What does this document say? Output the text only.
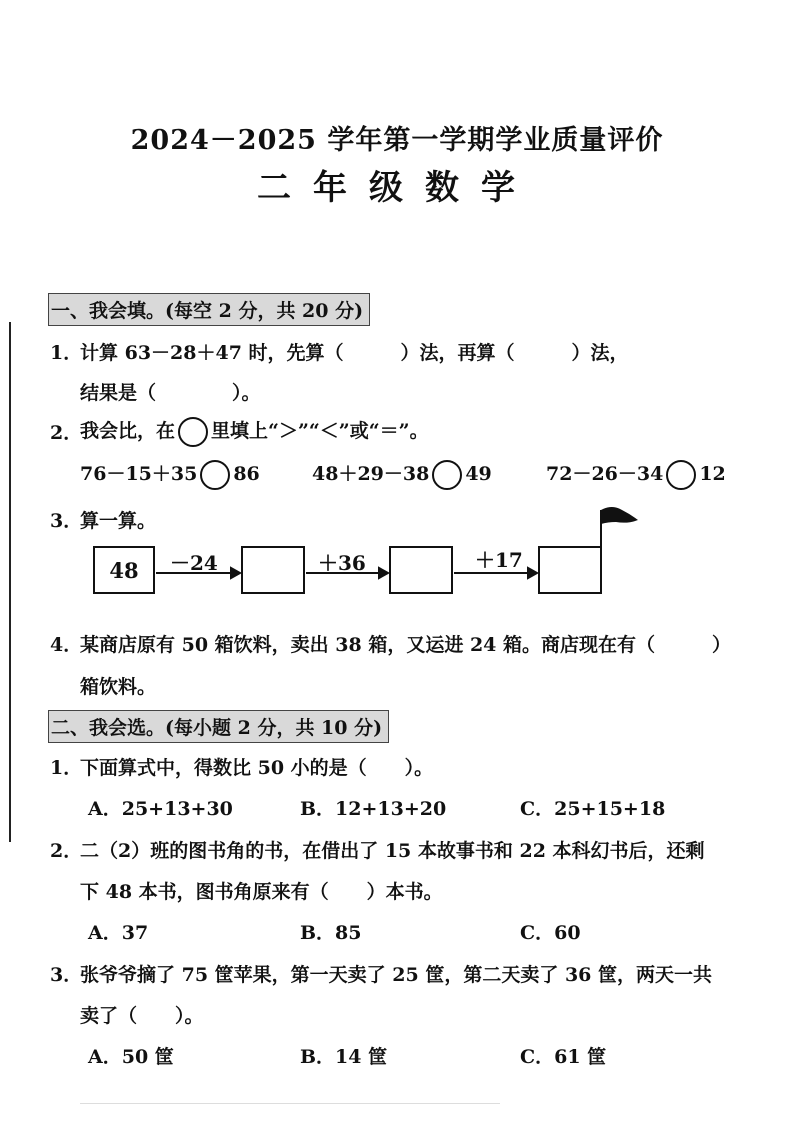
2024－2025 学年第一学期学业质量评价
二年级数学
一、我会填。(每空 2 分，共 20 分)
1．
计算 63－28＋47 时，先算（　　　）法，再算（　　　）法，
结果是（　　　　）。
2．
我会比，在 里填上“＞”“＜”或“＝”。
76－15＋35 86	48＋29－38 49	72－26－34 12
3．
算一算。
48	－24	＋36	＋17
4．
某商店原有 50 箱饮料，卖出 38 箱，又运进 24 箱。商店现在有（　　　）
箱饮料。
二、我会选。(每小题 2 分，共 10 分)
1．
下面算式中，得数比 50 小的是（　　）。
A．25+13+30	B．12+13+20	C．25+15+18
2．
二（2）班的图书角的书，在借出了 15 本故事书和 22 本科幻书后，还剩
下 48 本书，图书角原来有（　　）本书。
A．37	B．85	C．60
3．
张爷爷摘了 75 筐苹果，第一天卖了 25 筐，第二天卖了 36 筐，两天一共
卖了（　　）。
A．50 筐	B．14 筐	C．61 筐
